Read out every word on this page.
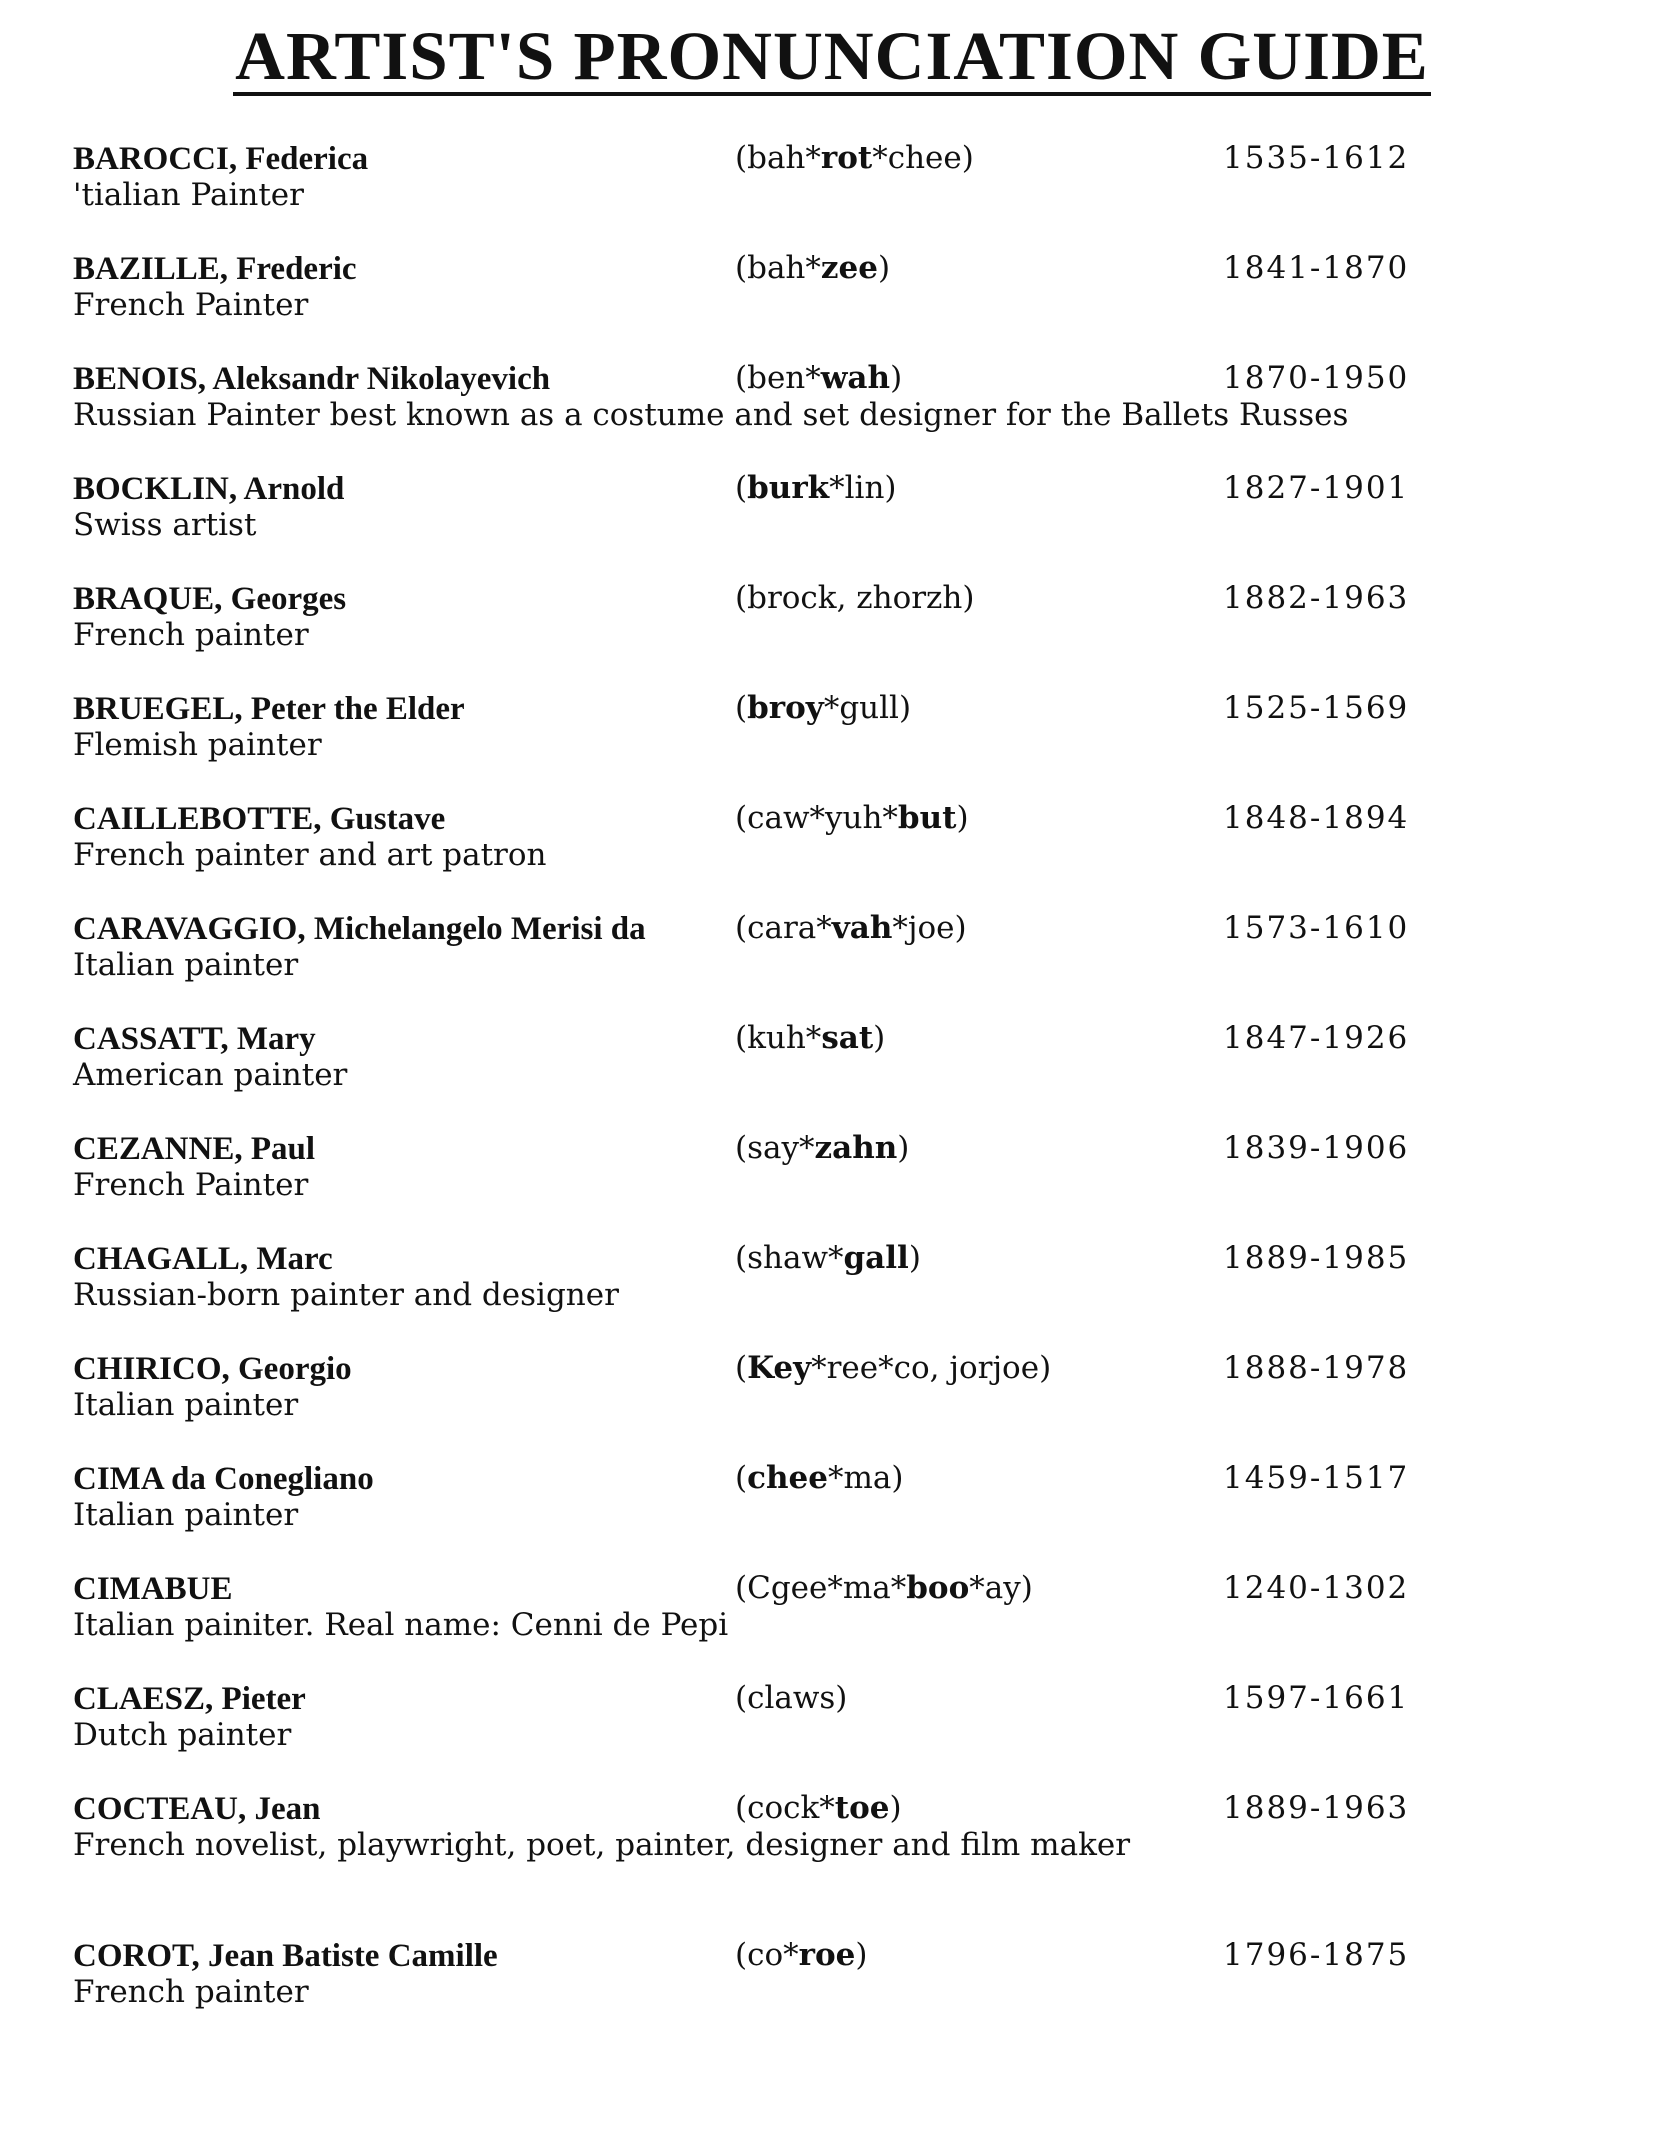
ARTIST'S PRONUNCIATION GUIDE
BAROCCI, Federica	(bah*rot*chee)	1535-1612
'tialian Painter
BAZILLE, Frederic	(bah*zee)	1841-1870
French Painter
BENOIS, Aleksandr Nikolayevich	(ben*wah)	1870-1950
Russian Painter best known as a costume and set designer for the Ballets Russes
BOCKLIN, Arnold	(burk*lin)	1827-1901
Swiss artist
BRAQUE, Georges	(brock, zhorzh)	1882-1963
French painter
BRUEGEL, Peter the Elder	(broy*gull)	1525-1569
Flemish painter
CAILLEBOTTE, Gustave	(caw*yuh*but)	1848-1894
French painter and art patron
CARAVAGGIO, Michelangelo Merisi da	(cara*vah*joe)	1573-1610
Italian painter
CASSATT, Mary	(kuh*sat)	1847-1926
American painter
CEZANNE, Paul	(say*zahn)	1839-1906
French Painter
CHAGALL, Marc	(shaw*gall)	1889-1985
Russian-born painter and designer
CHIRICO, Georgio	(Key*ree*co, jorjoe)	1888-1978
Italian painter
CIMA da Conegliano	(chee*ma)	1459-1517
Italian painter
CIMABUE	(Cgee*ma*boo*ay)	1240-1302
Italian painiter. Real name: Cenni de Pepi
CLAESZ, Pieter	(claws)	1597-1661
Dutch painter
COCTEAU, Jean	(cock*toe)	1889-1963
French novelist, playwright, poet, painter, designer and film maker
COROT, Jean Batiste Camille	(co*roe)	1796-1875
French painter
